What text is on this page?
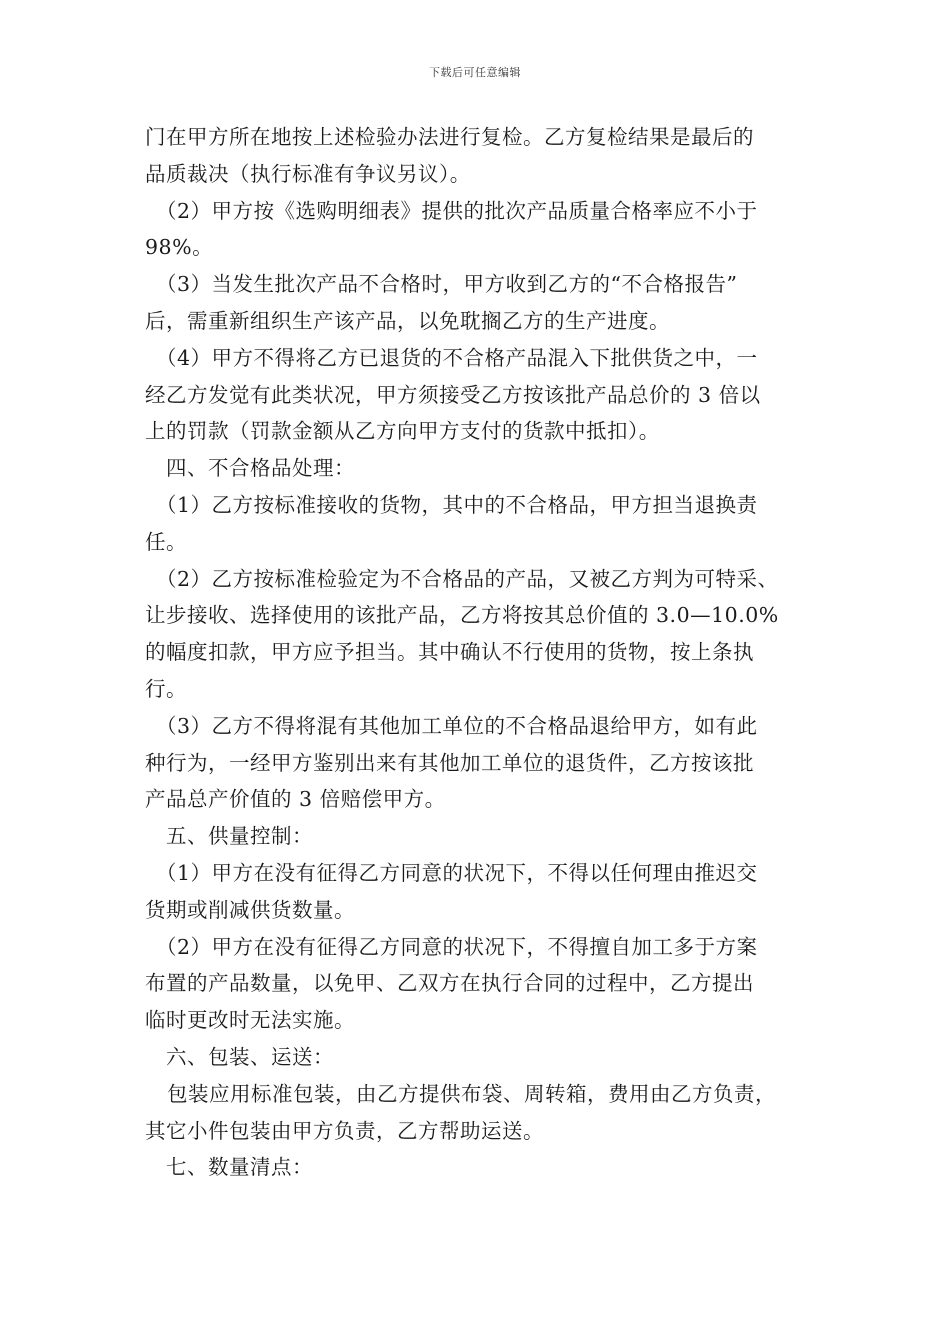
下载后可任意编辑
门在甲方所在地按上述检验办法进行复检。乙方复检结果是最后的
品质裁决（执行标准有争议另议）。
（2）甲方按《选购明细表》提供的批次产品质量合格率应不小于
98%。
（3）当发生批次产品不合格时，甲方收到乙方的“不合格报告”
后，需重新组织生产该产品，以免耽搁乙方的生产进度。
（4）甲方不得将乙方已退货的不合格产品混入下批供货之中，一
经乙方发觉有此类状况，甲方须接受乙方按该批产品总价的 3 倍以
上的罚款（罚款金额从乙方向甲方支付的货款中抵扣）。
四、不合格品处理：
（1）乙方按标准接收的货物，其中的不合格品，甲方担当退换责
任。
（2）乙方按标准检验定为不合格品的产品，又被乙方判为可特采、
让步接收、选择使用的该批产品，乙方将按其总价值的 3.0—10.0%
的幅度扣款，甲方应予担当。其中确认不行使用的货物，按上条执
行。
（3）乙方不得将混有其他加工单位的不合格品退给甲方，如有此
种行为，一经甲方鉴别出来有其他加工单位的退货件，乙方按该批
产品总产价值的 3 倍赔偿甲方。
五、供量控制：
（1）甲方在没有征得乙方同意的状况下，不得以任何理由推迟交
货期或削减供货数量。
（2）甲方在没有征得乙方同意的状况下，不得擅自加工多于方案
布置的产品数量，以免甲、乙双方在执行合同的过程中，乙方提出
临时更改时无法实施。
六、包装、运送：
包装应用标准包装，由乙方提供布袋、周转箱，费用由乙方负责，
其它小件包装由甲方负责，乙方帮助运送。
七、数量清点：
